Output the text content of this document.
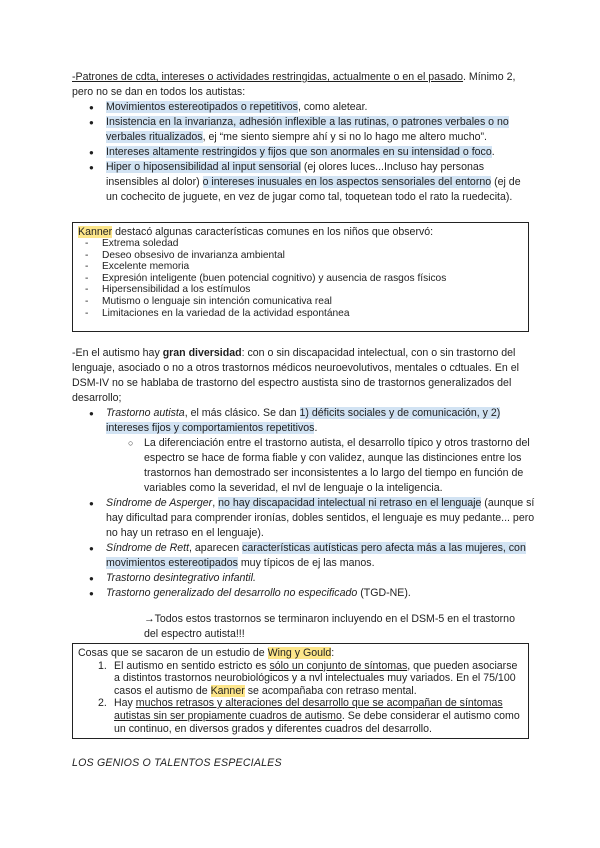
-Patrones de cdta, intereses o actividades restringidas, actualmente o en el pasado. Mínimo 2, pero no se dan en todos los autistas:
● Movimientos estereotipados o repetitivos, como aletear.
● Insistencia en la invarianza, adhesión inflexible a las rutinas, o patrones verbales o no verbales ritualizados, ej “me siento siempre ahí y si no lo hago me altero mucho”.
● Intereses altamente restringidos y fijos que son anormales en su intensidad o foco.
● Hiper o hiposensibilidad al input sensorial (ej olores luces...Incluso hay personas insensibles al dolor) o intereses inusuales en los aspectos sensoriales del entorno (ej de un cochecito de juguete, en vez de jugar como tal, toquetean todo el rato la ruedecita).
Kanner destacó algunas características comunes en los niños que observó:
- Extrema soledad
- Deseo obsesivo de invarianza ambiental
- Excelente memoria
- Expresión inteligente (buen potencial cognitivo) y ausencia de rasgos físicos
- Hipersensibilidad a los estímulos
- Mutismo o lenguaje sin intención comunicativa real
- Limitaciones en la variedad de la actividad espontánea
-En el autismo hay gran diversidad: con o sin discapacidad intelectual, con o sin trastorno del lenguaje, asociado o no a otros trastornos médicos neuroevolutivos, mentales o cdtuales. En el DSM-IV no se hablaba de trastorno del espectro austista sino de trastornos generalizados del desarrollo;
● Trastorno autista, el más clásico. Se dan 1) déficits sociales y de comunicación, y 2) intereses fijos y comportamientos repetitivos.
○ La diferenciación entre el trastorno autista, el desarrollo típico y otros trastorno del espectro se hace de forma fiable y con validez, aunque las distinciones entre los trastornos han demostrado ser inconsistentes a lo largo del tiempo en función de variables como la severidad, el nvl de lenguaje o la inteligencia.
● Síndrome de Asperger, no hay discapacidad intelectual ni retraso en el lenguaje (aunque sí hay dificultad para comprender ironías, dobles sentidos, el lenguaje es muy pedante... pero no hay un retraso en el lenguaje).
● Síndrome de Rett, aparecen características autísticas pero afecta más a las mujeres, con movimientos estereotipados muy típicos de ej las manos.
● Trastorno desintegrativo infantil.
● Trastorno generalizado del desarrollo no especificado (TGD-NE).
→Todos estos trastornos se terminaron incluyendo en el DSM-5 en el trastorno del espectro autista!!!
Cosas que se sacaron de un estudio de Wing y Gould:
1. El autismo en sentido estricto es sólo un conjunto de síntomas, que pueden asociarse a distintos trastornos neurobiológicos y a nvl intelectuales muy variados. En el 75/100 casos el autismo de Kanner se acompañaba con retraso mental.
2. Hay muchos retrasos y alteraciones del desarrollo que se acompañan de síntomas autistas sin ser propiamente cuadros de autismo. Se debe considerar el autismo como un continuo, en diversos grados y diferentes cuadros del desarrollo.
LOS GENIOS O TALENTOS ESPECIALES
